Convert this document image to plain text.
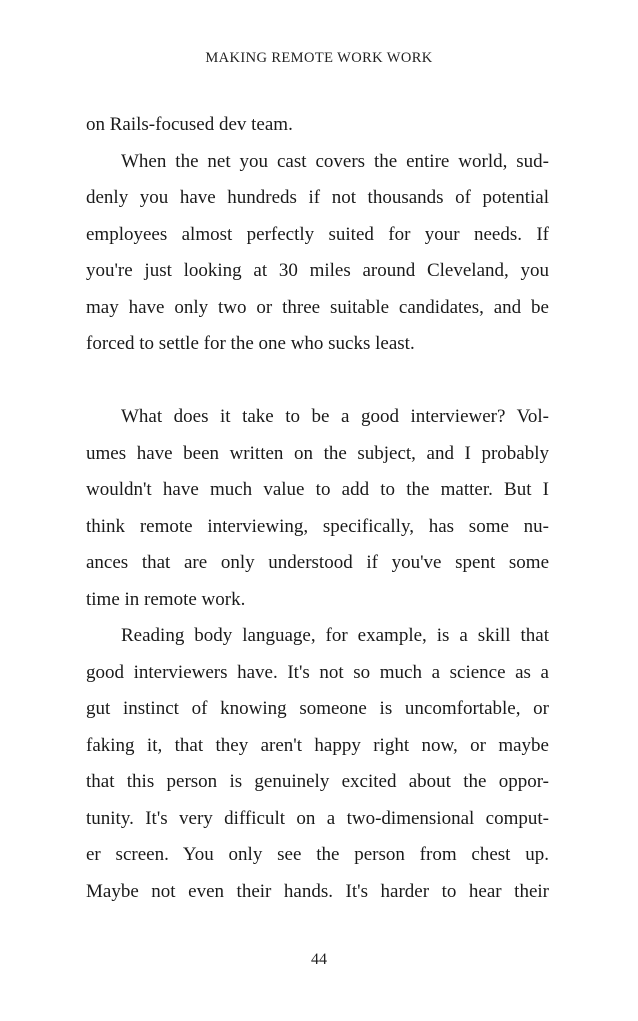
MAKING REMOTE WORK WORK
on Rails-focused dev team.
When the net you cast covers the entire world, sud-
denly you have hundreds if not thousands of potential
employees almost perfectly suited for your needs. If
you're just looking at 30 miles around Cleveland, you
may have only two or three suitable candidates, and be
forced to settle for the one who sucks least.
What does it take to be a good interviewer? Vol-
umes have been written on the subject, and I probably
wouldn't have much value to add to the matter. But I
think remote interviewing, specifically, has some nu-
ances that are only understood if you've spent some
time in remote work.
Reading body language, for example, is a skill that
good interviewers have. It's not so much a science as a
gut instinct of knowing someone is uncomfortable, or
faking it, that they aren't happy right now, or maybe
that this person is genuinely excited about the oppor-
tunity. It's very difficult on a two-dimensional comput-
er screen. You only see the person from chest up.
Maybe not even their hands. It's harder to hear their
44
